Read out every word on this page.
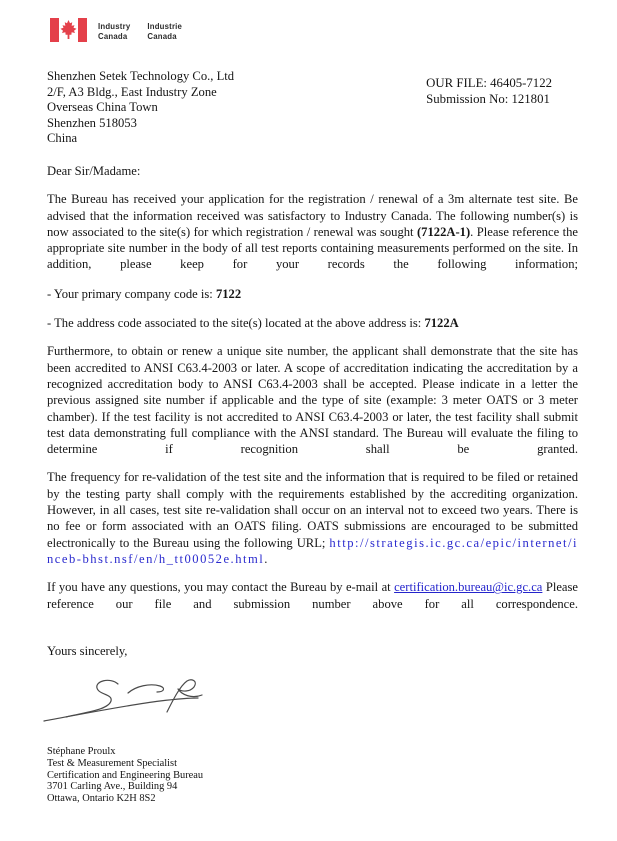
Industry
Canada
Industrie
Canada
Shenzhen Setek Technology Co., Ltd
2/F, A3 Bldg., East Industry Zone
Overseas China Town
Shenzhen 518053
China
OUR FILE: 46405-7122
Submission No: 121801

Dear Sir/Madame:

The Bureau has received your application for the registration / renewal of a 3m alternate test site. Be advised that the information received was satisfactory to Industry Canada. The following number(s) is now associated to the site(s) for which registration / renewal was sought (7122A-1). Please reference the appropriate site number in the body of all test reports containing measurements performed on the site. In addition, please keep for your records the following information;

- Your primary company code is: 7122

- The address code associated to the site(s) located at the above address is: 7122A

Furthermore, to obtain or renew a unique site number, the applicant shall demonstrate that the site has been accredited to ANSI C63.4-2003 or later. A scope of accreditation indicating the accreditation by a recognized accreditation body to ANSI C63.4-2003 shall be accepted. Please indicate in a letter the previous assigned site number if applicable and the type of site (example: 3 meter OATS or 3 meter chamber). If the test facility is not accredited to ANSI C63.4-2003 or later, the test facility shall submit test data demonstrating full compliance with the ANSI standard. The Bureau will evaluate the filing to determine if recognition shall be granted.

The frequency for re-validation of the test site and the information that is required to be filed or retained by the testing party shall comply with the requirements established by the accrediting organization. However, in all cases, test site re-validation shall occur on an interval not to exceed two years. There is no fee or form associated with an OATS filing. OATS submissions are encouraged to be submitted electronically to the Bureau using the following URL; http://strategis.ic.gc.ca/epic/internet/inceb-bhst.nsf/en/h_tt00052e.html.

If you have any questions, you may contact the Bureau by e-mail at certification.bureau@ic.gc.ca Please reference our file and submission number above for all correspondence.

Yours sincerely,

Stéphane Proulx
Test & Measurement Specialist
Certification and Engineering Bureau
3701 Carling Ave., Building 94
Ottawa, Ontario K2H 8S2
